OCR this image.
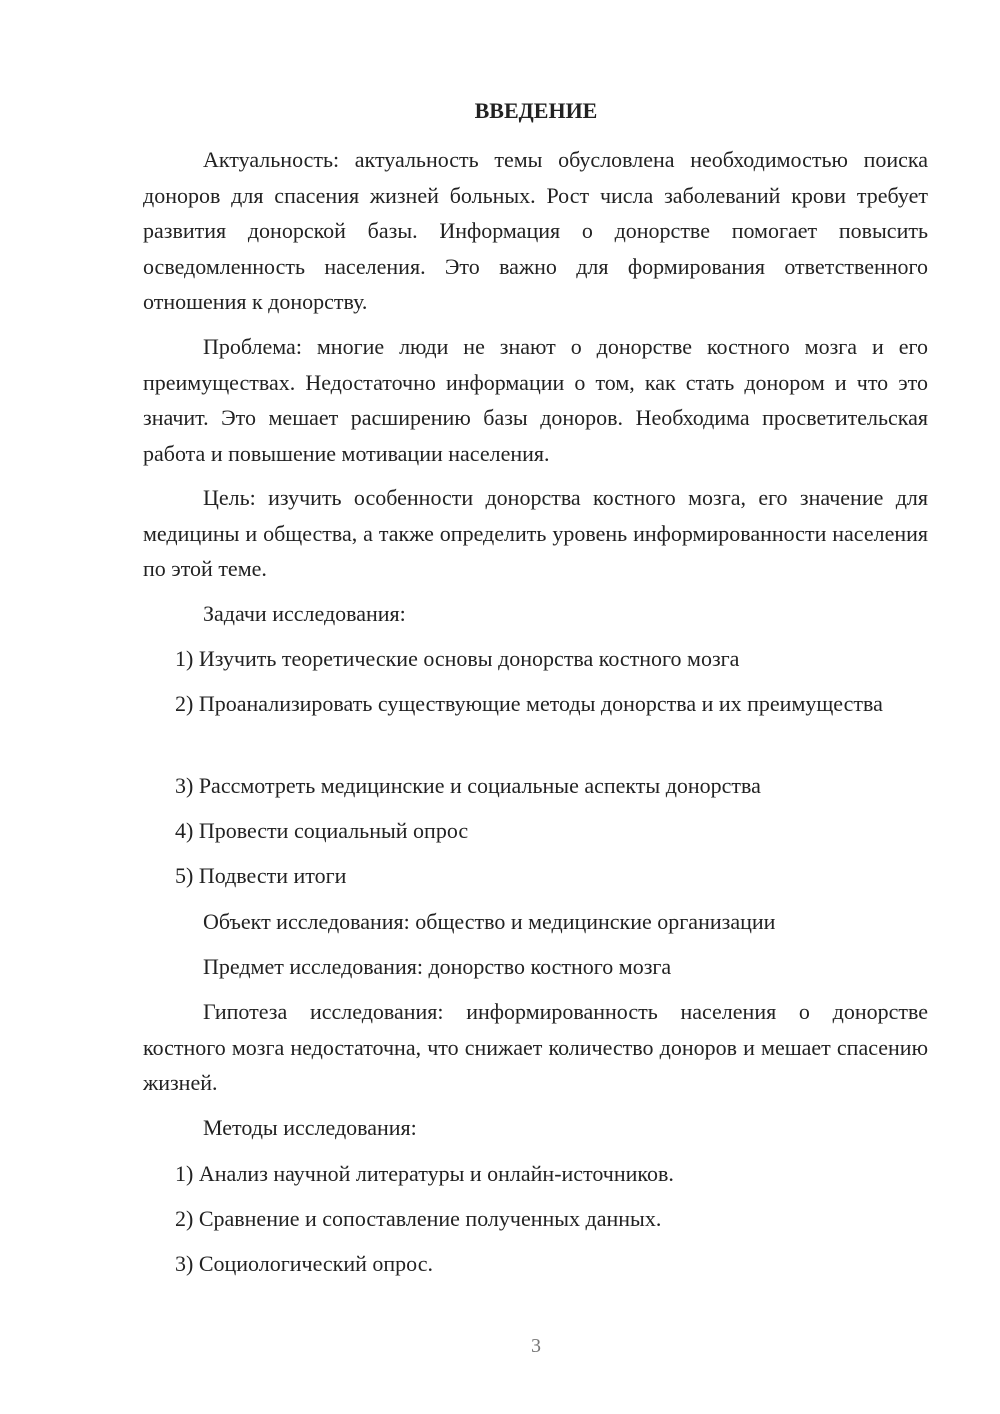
ВВЕДЕНИЕ

Актуальность: актуальность темы обусловлена необходимостью поиска доноров для спасения жизней больных. Рост числа заболеваний крови требует развития донорской базы. Информация о донорстве помогает повысить осведомленность населения. Это важно для формирования ответственного отношения к донорству.

Проблема: многие люди не знают о донорстве костного мозга и его преимуществах. Недостаточно информации о том, как стать донором и что это значит. Это мешает расширению базы доноров. Необходима просветительская работа и повышение мотивации населения.

Цель: изучить особенности донорства костного мозга, его значение для медицины и общества, а также определить уровень информированности населения по этой теме.

Задачи исследования:

1) Изучить теоретические основы донорства костного мозга

2) Проанализировать существующие методы донорства и их преимущества

3) Рассмотреть медицинские и социальные аспекты донорства

4) Провести социальный опрос

5) Подвести итоги

Объект исследования: общество и медицинские организации

Предмет исследования: донорство костного мозга

Гипотеза исследования: информированность населения о донорстве костного мозга недостаточна, что снижает количество доноров и мешает спасению жизней.

Методы исследования:

1) Анализ научной литературы и онлайн-источников.

2) Сравнение и сопоставление полученных данных.

3) Социологический опрос.

3
